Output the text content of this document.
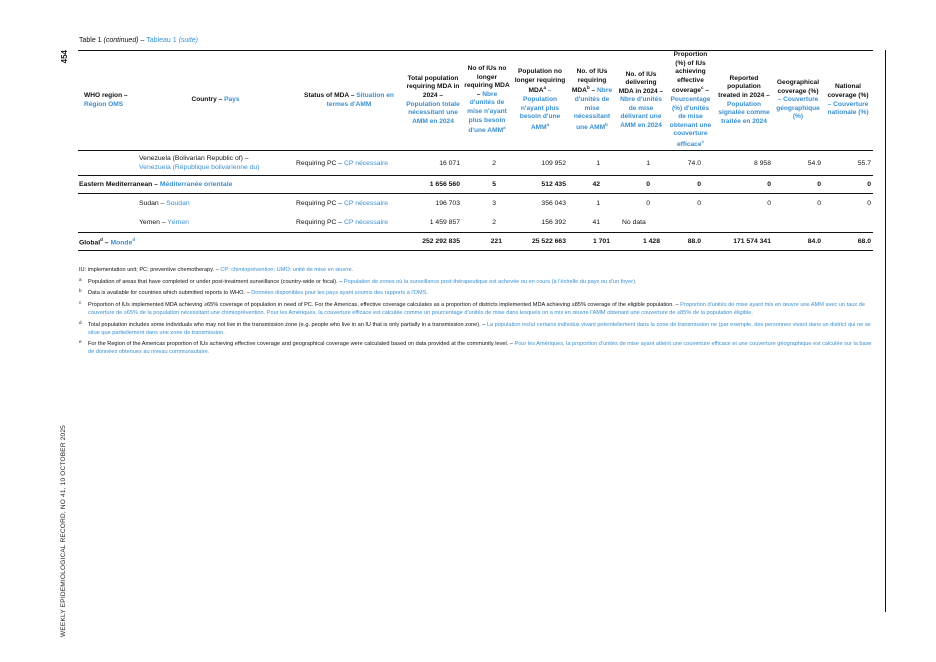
454
WEEKLY EPIDEMIOLOGICAL RECORD, NO 41, 10 OCTOBER 2025
Table 1 (continued) – Tableau 1 (suite)
WHO region –
Région OMS	Country – Pays	Status of MDA – Situation en termes d'AMM	Total population requiring MDA in 2024 – Population totale nécessitant une AMM en 2024	No of IUs no longer requiring MDA – Nbre d'unités de mise n'ayant plus besoin d'une AMM$^a$	Population no longer requiring MDA$^a$ – Population n'ayant plus besoin d'une AMM$^a$	No. of IUs requiring MDA$^b$ – Nbre d'unités de mise nécessitant une AMM$^b$	No. of IUs delivering MDA in 2024 – Nbre d'unités de mise délivrant une AMM en 2024	Proportion (%) of IUs achieving effective coverage$^c$ – Pourcentage (%) d'unités de mise obtenant une couverture efficace$^c$	Reported population treated in 2024 – Population signalée comme traitée en 2024	Geographical coverage (%) – Couverture géographique (%)	National coverage (%) – Couverture nationale (%)

	Venezuela (Bolivarian Republic of) –
Venezuela (République bolivarienne du)	Requiring PC – CP nécessaire	16 071	2	109 952	1	1	74.0	8 958	54.9	55.7
Eastern Mediterranean – Méditerranée orientale			1 656 560	5	512 435	42	0	0	0	0	0
	Sudan – Soudan	Requiring PC – CP nécessaire	196 703	3	356 043	1	0	0	0	0	0
	Yemen – Yémen	Requiring PC – CP nécessaire	1 459 857	2	156 392	41	No data				
Global$^d$ – Monde$^d$			252 292 835	221	25 522 663	1 701	1 428	88.0	171 574 341	84.0	68.0
IU: implementation unit; PC: preventive chemotherapy. – CP: chimioprévention; UMO: unité de mise en œuvre.
a Population of areas that have completed or under post-treatment surveillance (country-wide or focal). – Population de zones où la surveillance post-thérapeutique est achevée ou en cours (à l'échelle du pays ou d'un foyer).
b Data is available for countries which submitted reports to WHO. – Données disponibles pour les pays ayant soumis des rapports à l'OMS.
c Proportion of IUs implemented MDA achieving ≥65% coverage of population in need of PC. For the Americas, effective coverage calculates as a proportion of districts implemented MDA achieving ≥85% coverage of the eligible population. – Proportion d'unités de mise ayant mis en œuvre une AMM avec un taux de couverture de ≥65% de la population nécessitant une chimioprévention. Pour les Amériques, la couverture efficace est calculée comme un pourcentage d'unités de mise dans lesquels on a mis en œuvre l'AMM obtenant une couverture de ≥85% de la population éligible.
d Total population includes some individuals who may not live in the transmission zone (e.g. people who live in an IU that is only partially in a transmission zone). – La population inclut certains individus vivant potentiellement dans la zone de transmission ne (par exemple, des personnes vivant dans un district qui ne se situe que partiellement dans une zone de transmission.
e For the Region of the Americas proportion of IUs achieving effective coverage and geographical coverage were calculated based on data provided at the community level. – Pour les Amériques, la proportion d'unités de mise ayant atteint une couverture efficace et une couverture géographique est calculée sur la base de données obtenues au niveau communautaire.
